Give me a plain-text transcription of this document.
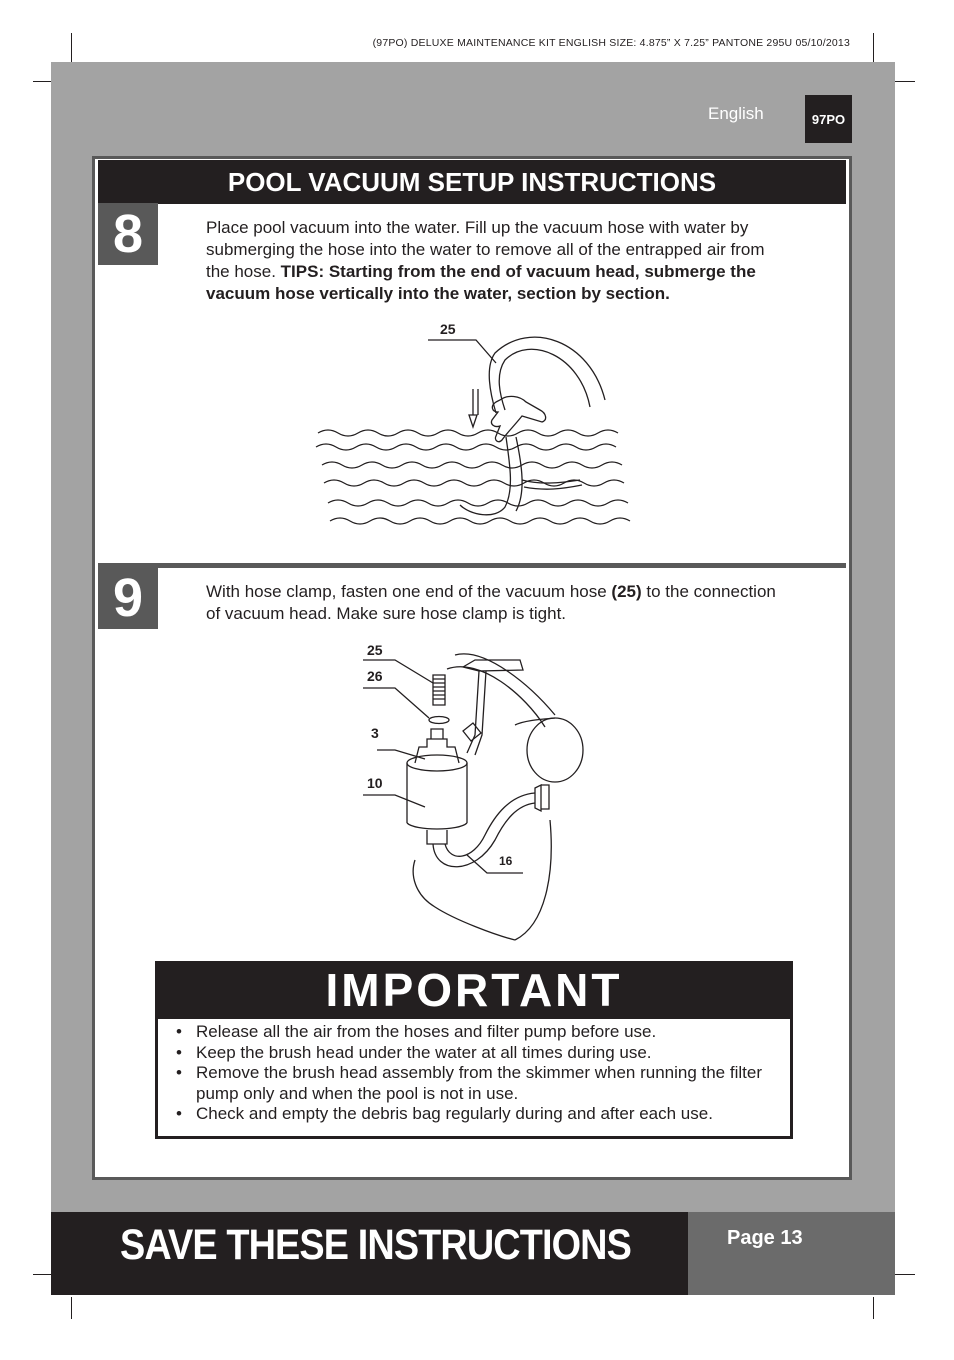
(97PO) DELUXE MAINTENANCE KIT ENGLISH SIZE: 4.875” X 7.25” PANTONE 295U 05/10/2013
English	97PO
POOL VACUUM SETUP INSTRUCTIONS
8	Place pool vacuum into the water. Fill up the vacuum hose with water by submerging the hose into the water to remove all of the entrapped air from the hose. TIPS: Starting from the end of vacuum head, submerge the vacuum hose vertically into the water, section by section.
25
9	With hose clamp, fasten one end of the vacuum hose (25) to the connection of vacuum head. Make sure hose clamp is tight.
25
26
3
10
16
IMPORTANT
• Release all the air from the hoses and filter pump before use.
• Keep the brush head under the water at all times during use.
• Remove the brush head assembly from the skimmer when running the filter pump only and when the pool is not in use.
• Check and empty the debris bag regularly during and after each use.
SAVE THESE INSTRUCTIONS	Page 13
